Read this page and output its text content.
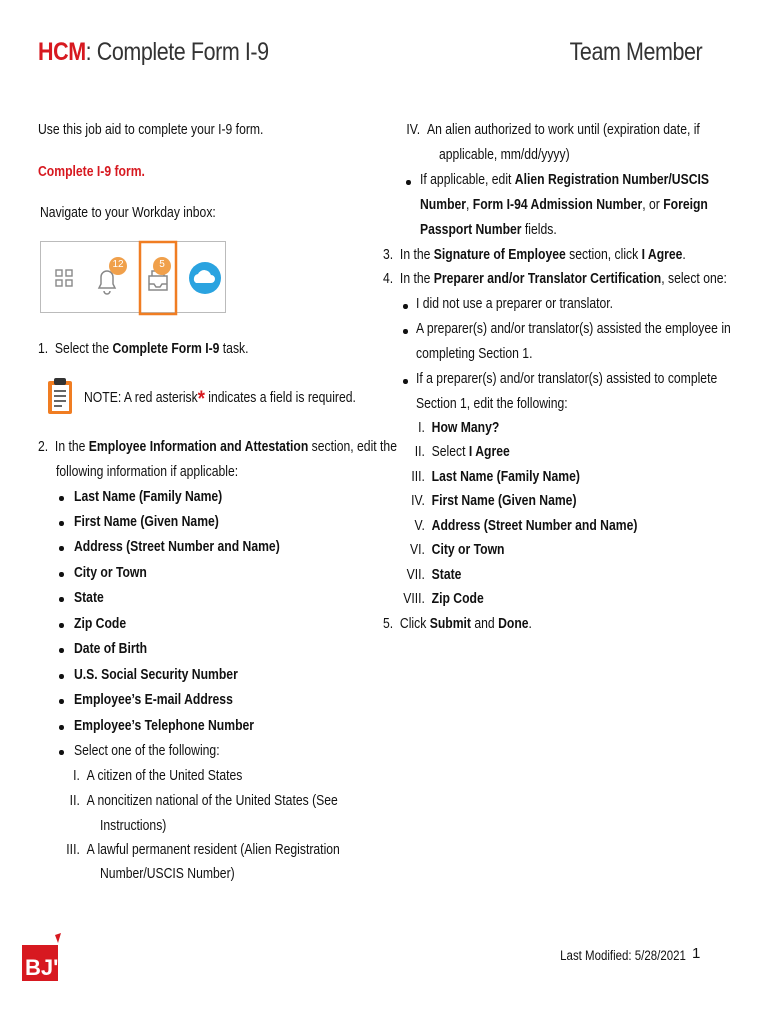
HCM: Complete Form I-9	Team Member
Use this job aid to complete your I-9 form.
Complete I-9 form.
Navigate to your Workday inbox:
12	5
1. Select the Complete Form I-9 task.
NOTE: A red asterisk* indicates a field is required.
2. In the Employee Information and Attestation section, edit the
following information if applicable:
Last Name (Family Name)
First Name (Given Name)
Address (Street Number and Name)
City or Town
State
Zip Code
Date of Birth
U.S. Social Security Number
Employee’s E-mail Address
Employee’s Telephone Number
Select one of the following:
I. A citizen of the United States
II. A noncitizen national of the United States (See
Instructions)
III. A lawful permanent resident (Alien Registration
Number/USCIS Number)
IV. An alien authorized to work until (expiration date, if
applicable, mm/dd/yyyy)
If applicable, edit Alien Registration Number/USCIS
Number, Form I-94 Admission Number, or Foreign
Passport Number fields.
3. In the Signature of Employee section, click I Agree.
4. In the Preparer and/or Translator Certification, select one:
I did not use a preparer or translator.
A preparer(s) and/or translator(s) assisted the employee in
completing Section 1.
If a preparer(s) and/or translator(s) assisted to complete
Section 1, edit the following:
I. How Many?
II. Select I Agree
III. Last Name (Family Name)
IV. First Name (Given Name)
V. Address (Street Number and Name)
VI. City or Town
VII. State
VIII. Zip Code
5. Click Submit and Done.
BJ's	Last Modified: 5/28/2021 1
